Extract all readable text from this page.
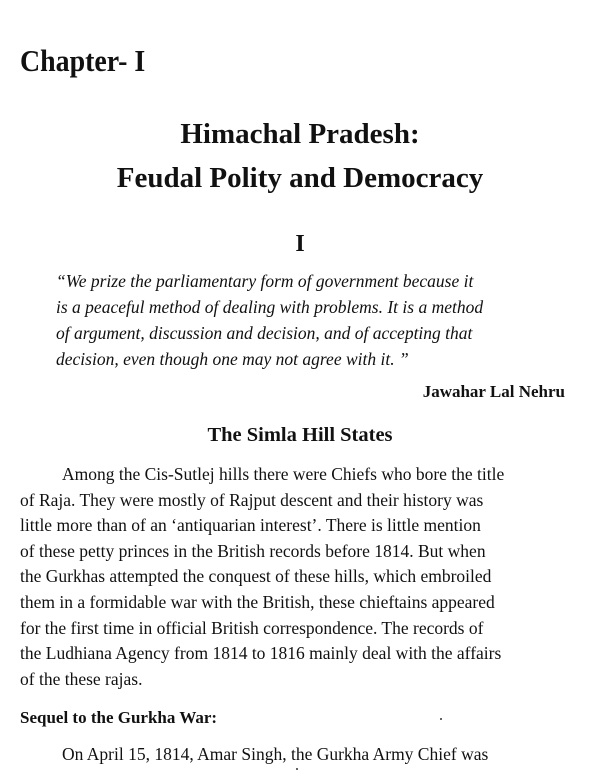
Chapter- I
Himachal Pradesh:
Feudal Polity and Democracy
I
“We prize the parliamentary form of government because it
is a peaceful method of dealing with problems. It is a method
of argument, discussion and decision, and of accepting that
decision, even though one may not agree with it. ”
Jawahar Lal Nehru
The Simla Hill States
Among the Cis-Sutlej hills there were Chiefs who bore the title
of Raja. They were mostly of Rajput descent and their history was
little more than of an ‘antiquarian interest’. There is little mention
of these petty princes in the British records before 1814. But when
the Gurkhas attempted the conquest of these hills, which embroiled
them in a formidable war with the British, these chieftains appeared
for the first time in official British correspondence. The records of
the Ludhiana Agency from 1814 to 1816 mainly deal with the affairs
of the these rajas.
Sequel to the Gurkha War:
On April 15, 1814, Amar Singh, the Gurkha Army Chief was
